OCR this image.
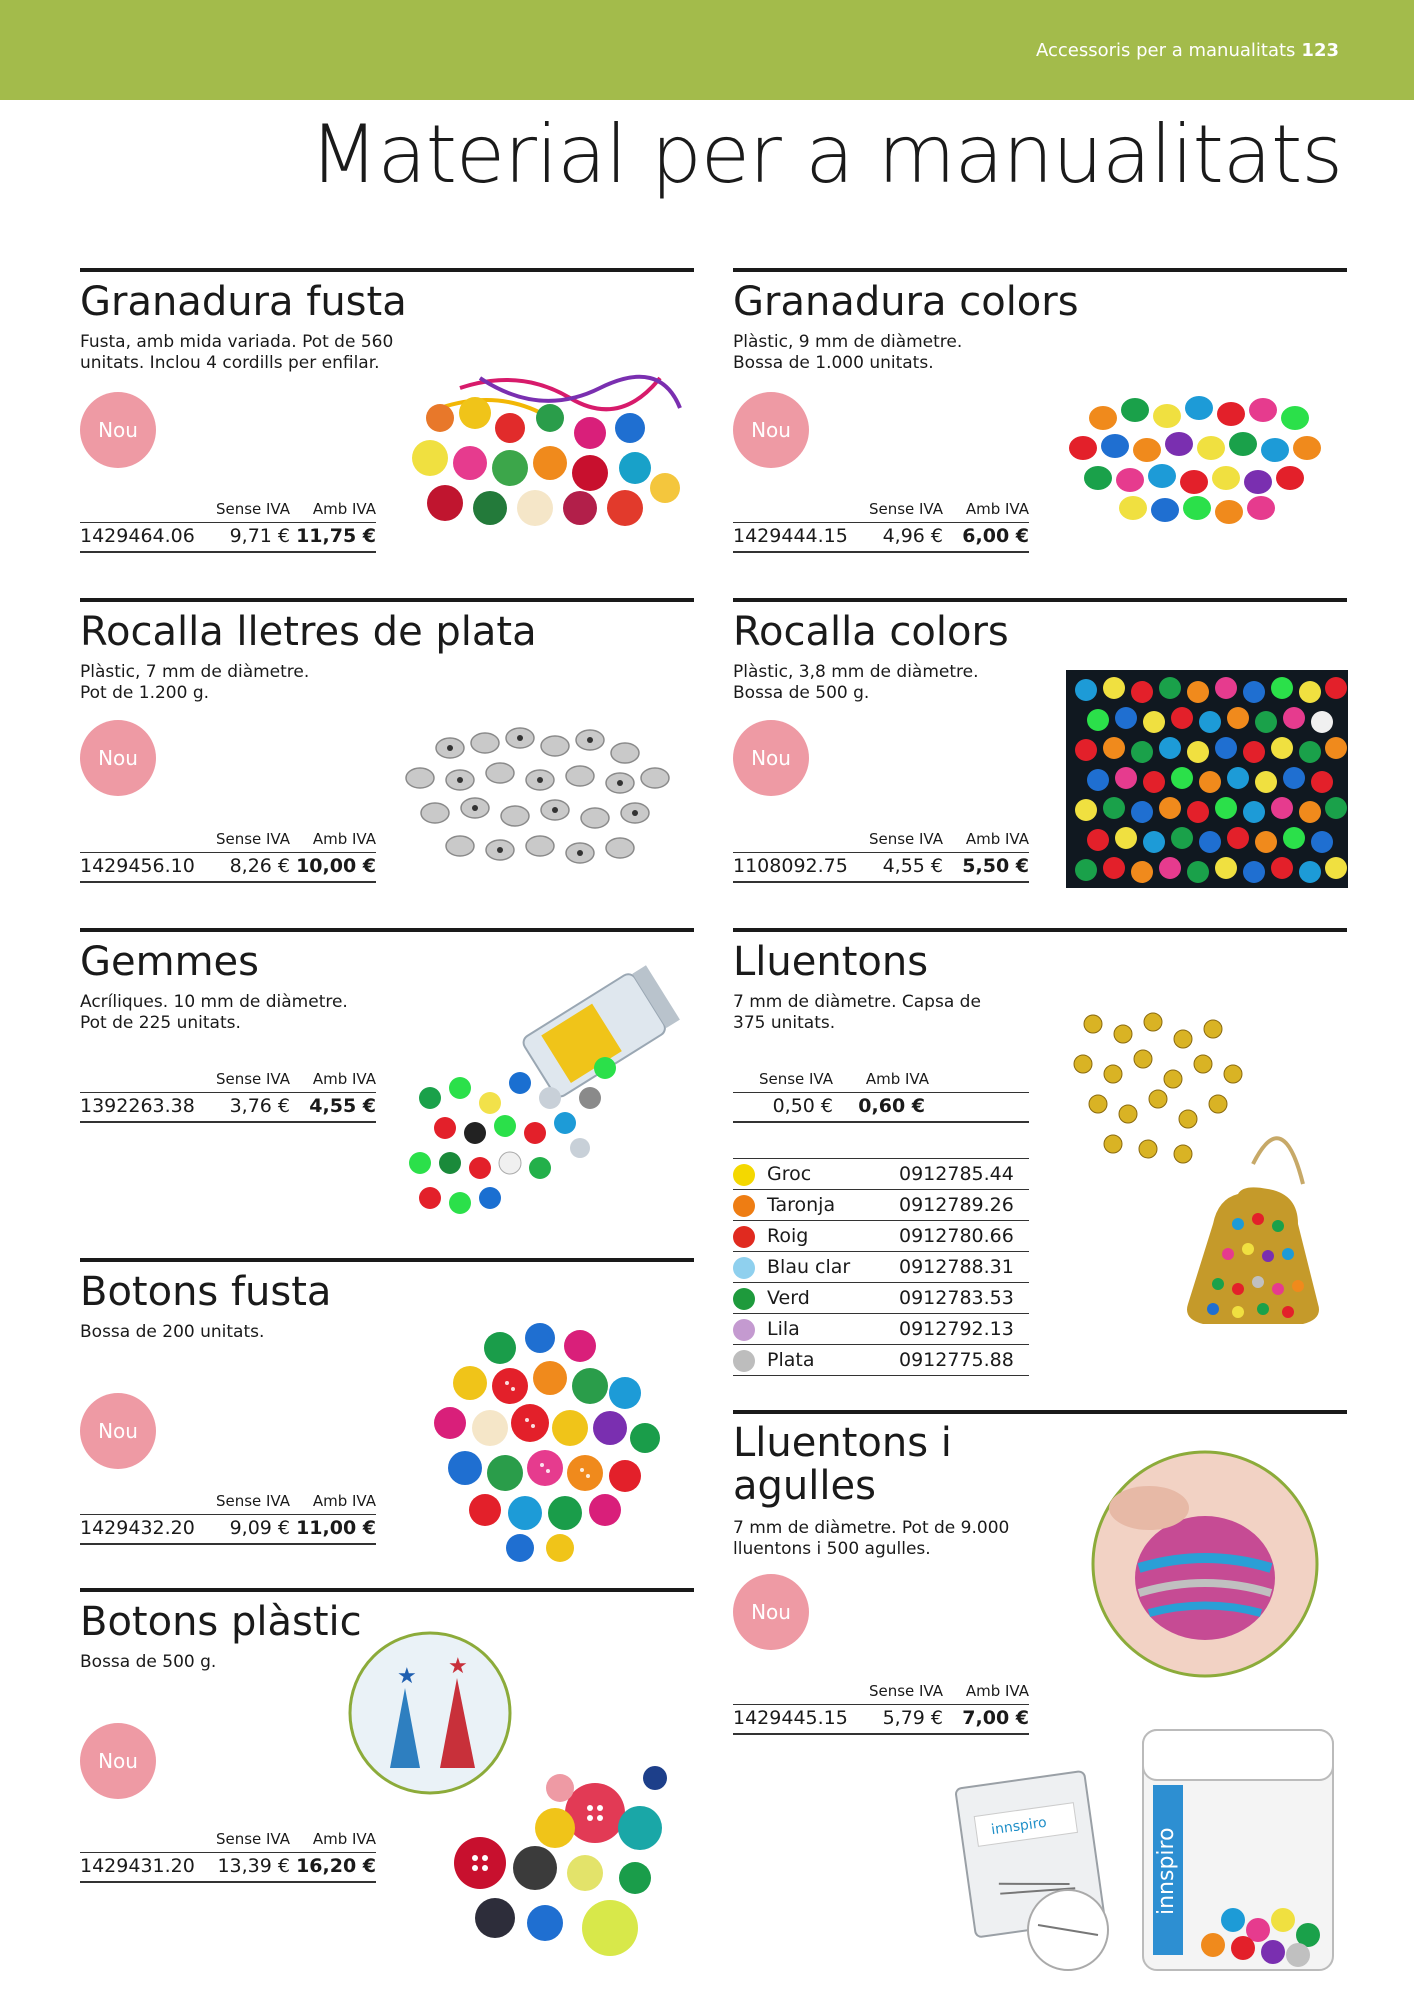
Accessoris per a manualitats 123
Material per a manualitats
Granadura fusta

Fusta, amb mida variada. Pot de 560 unitats. Inclou 4 cordills per enfilar.

Nou
Sense IVA Amb IVA
1429464.06 9,71 € 11,75 €
Rocalla lletres de plata

Plàstic, 7 mm de diàmetre. Pot de 1.200 g.

Nou
Sense IVA Amb IVA
1429456.10 8,26 € 10,00 €
Gemmes

Acríliques. 10 mm de diàmetre. Pot de 225 unitats.

Sense IVA Amb IVA
1392263.38 3,76 € 4,55 €
Botons fusta

Bossa de 200 unitats.

Nou
Sense IVA Amb IVA
1429432.20 9,09 € 11,00 €
Botons plàstic

Bossa de 500 g.

Nou
Sense IVA Amb IVA
1429431.20 13,39 € 16,20 €
★ ★
Granadura colors

Plàstic, 9 mm de diàmetre. Bossa de 1.000 unitats.

Nou
Sense IVA Amb IVA
1429444.15 4,96 € 6,00 €
Rocalla colors

Plàstic, 3,8 mm de diàmetre. Bossa de 500 g.

Nou
Sense IVA Amb IVA
1108092.75 4,55 € 5,50 €
Lluentons

7 mm de diàmetre. Capsa de 375 unitats.

Sense IVA Amb IVA
0,50 € 0,60 €
Groc	0912785.44
Taronja	0912789.26
Roig	0912780.66
Blau clar	0912788.31
Verd	0912783.53
Lila	0912792.13
Plata	0912775.88
Lluentons i
agulles

7 mm de diàmetre. Pot de 9.000 lluentons i 500 agulles.

Nou
Sense IVA Amb IVA
1429445.15 5,79 € 7,00 €
innspiro
innspiro
